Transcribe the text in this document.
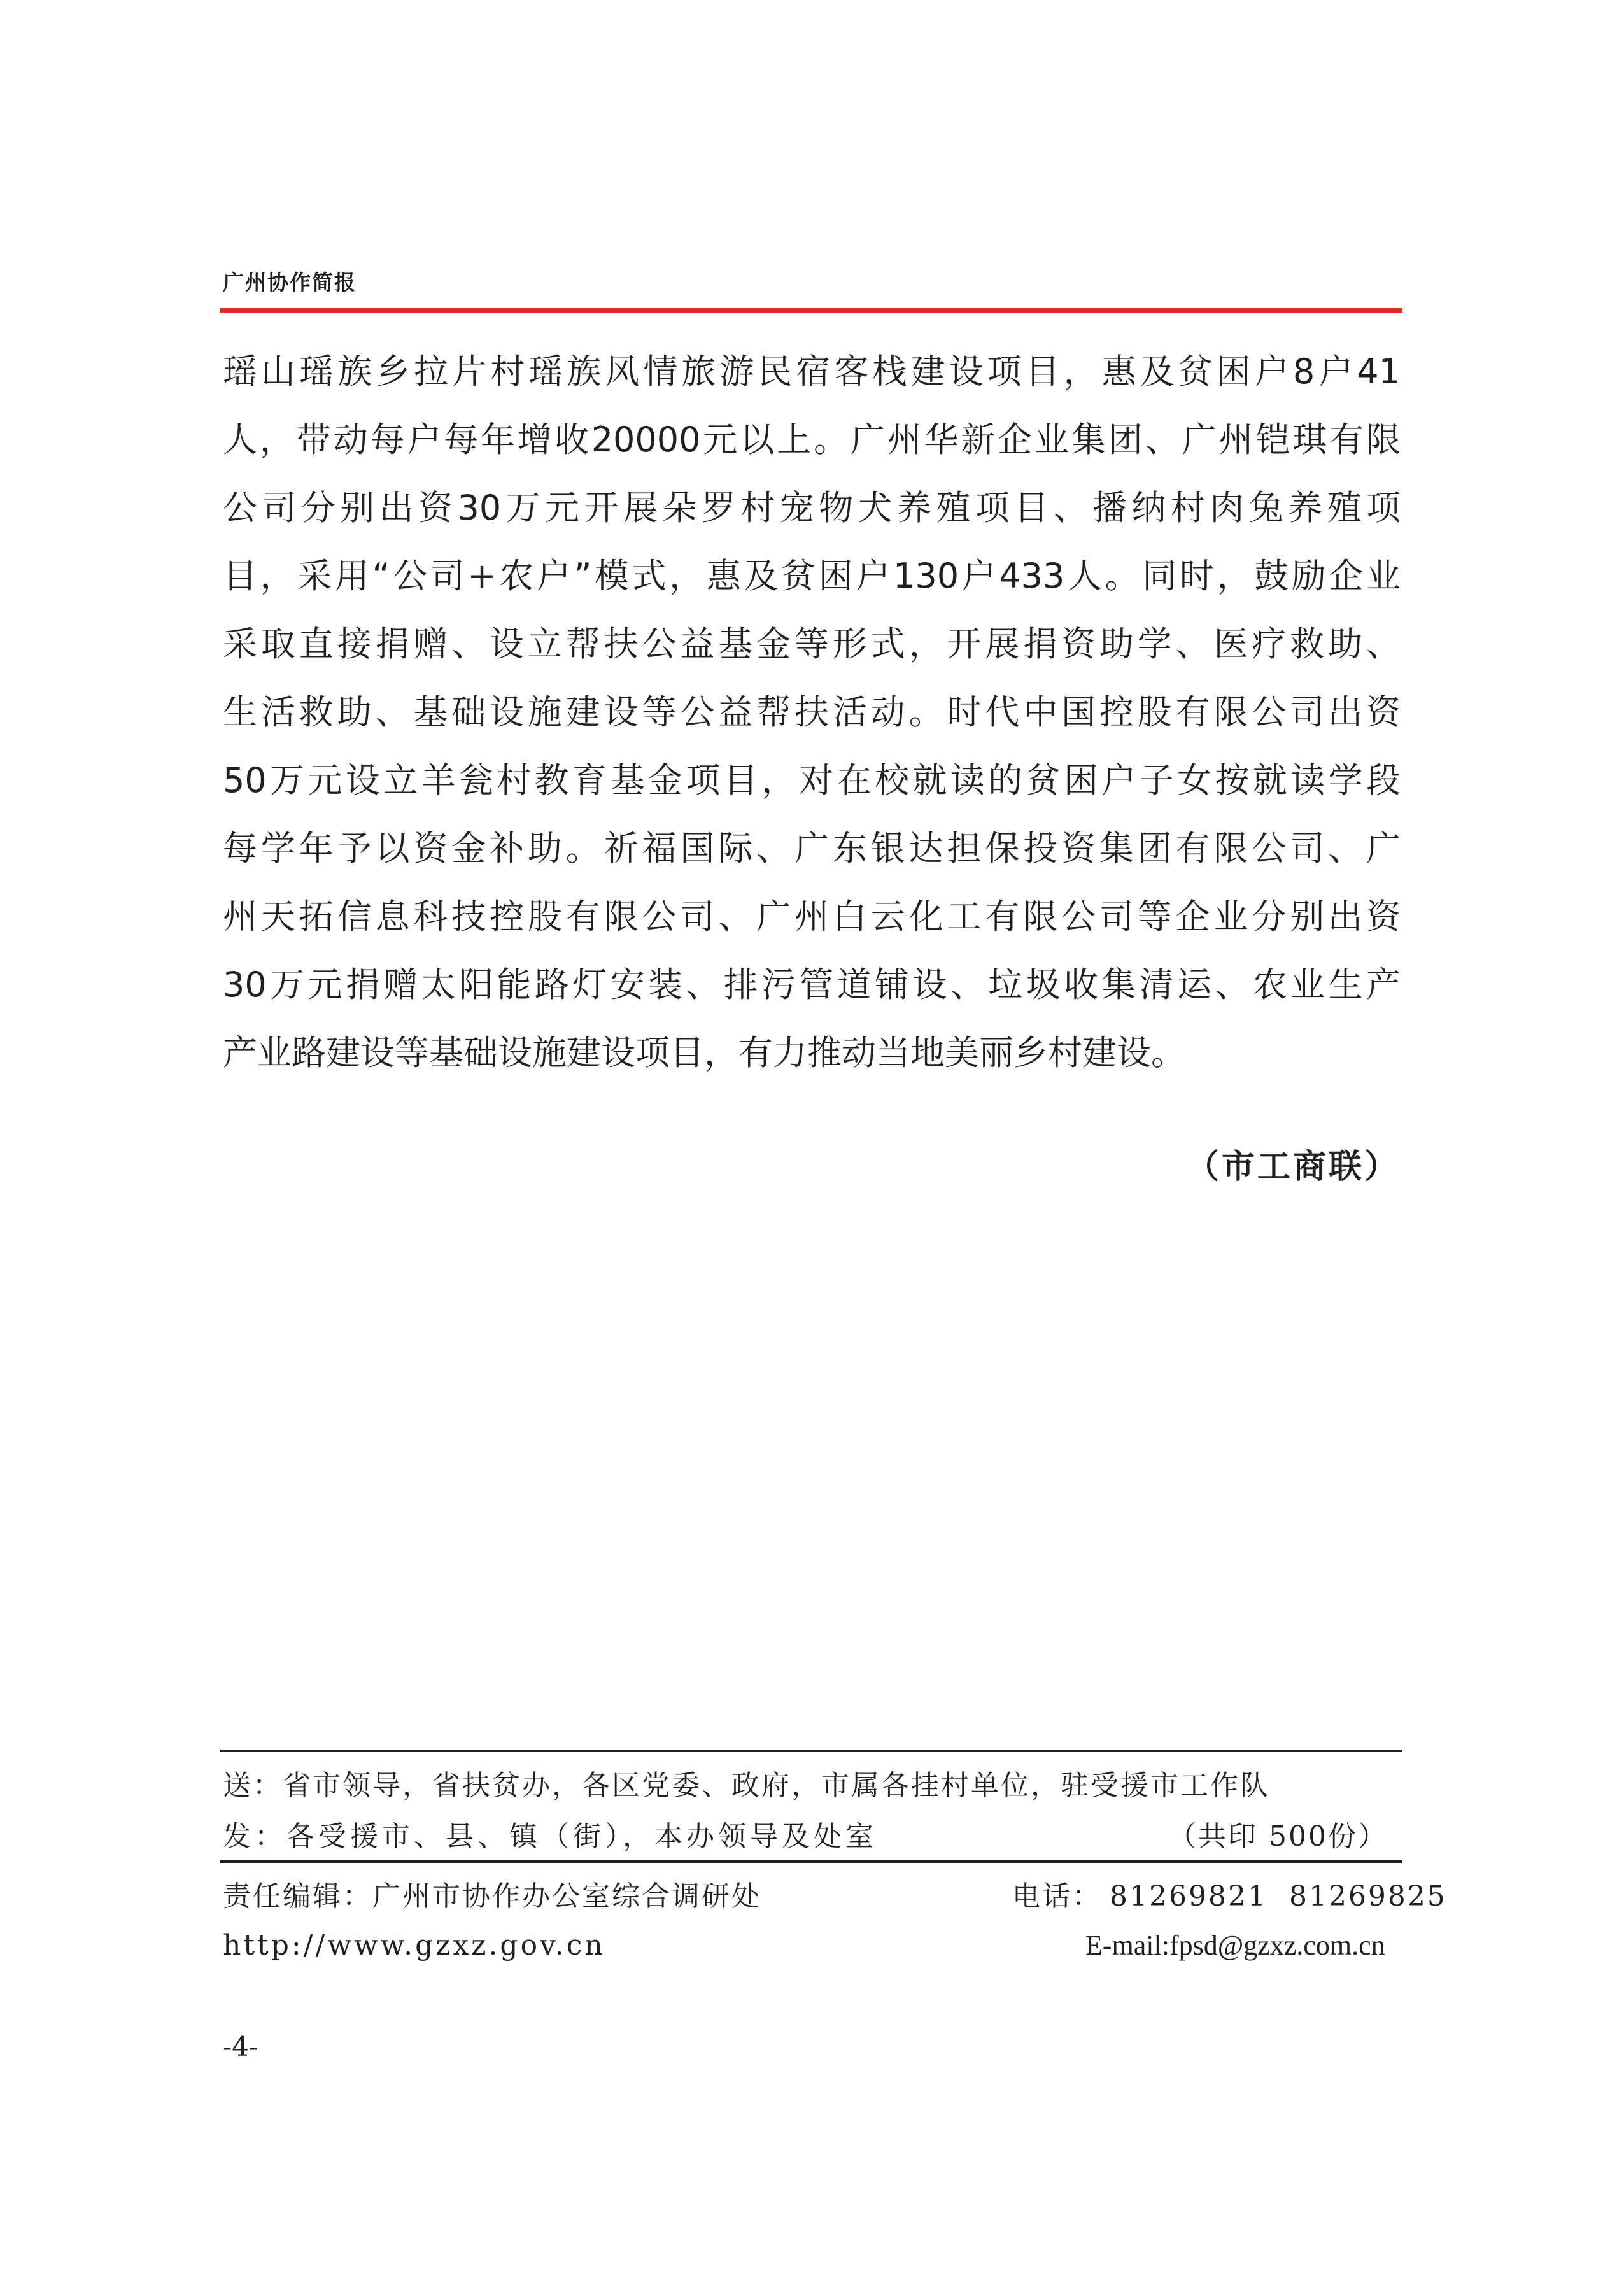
广州协作简报
瑶山瑶族乡拉片村瑶族风情旅游民宿客栈建设项目，惠及贫困户8户41
人，带动每户每年增收20000元以上。广州华新企业集团、广州铠琪有限
公司分别出资30万元开展朵罗村宠物犬养殖项目、播纳村肉兔养殖项
目，采用“公司+农户”模式，惠及贫困户130户433人。同时，鼓励企业
采取直接捐赠、设立帮扶公益基金等形式，开展捐资助学、医疗救助、
生活救助、基础设施建设等公益帮扶活动。时代中国控股有限公司出资
50万元设立羊瓮村教育基金项目，对在校就读的贫困户子女按就读学段
每学年予以资金补助。祈福国际、广东银达担保投资集团有限公司、广
州天拓信息科技控股有限公司、广州白云化工有限公司等企业分别出资
30万元捐赠太阳能路灯安装、排污管道铺设、垃圾收集清运、农业生产
产业路建设等基础设施建设项目，有力推动当地美丽乡村建设。
（市工商联）
送：省市领导，省扶贫办，各区党委、政府，市属各挂村单位，驻受援市工作队
发：各受援市、县、镇（街），本办领导及处室	（共印 500份）
责任编辑：广州市协作办公室综合调研处	电话： 81269821 81269825
http://www.gzxz.gov.cn	E-mail:fpsd@gzxz.com.cn
-4-
